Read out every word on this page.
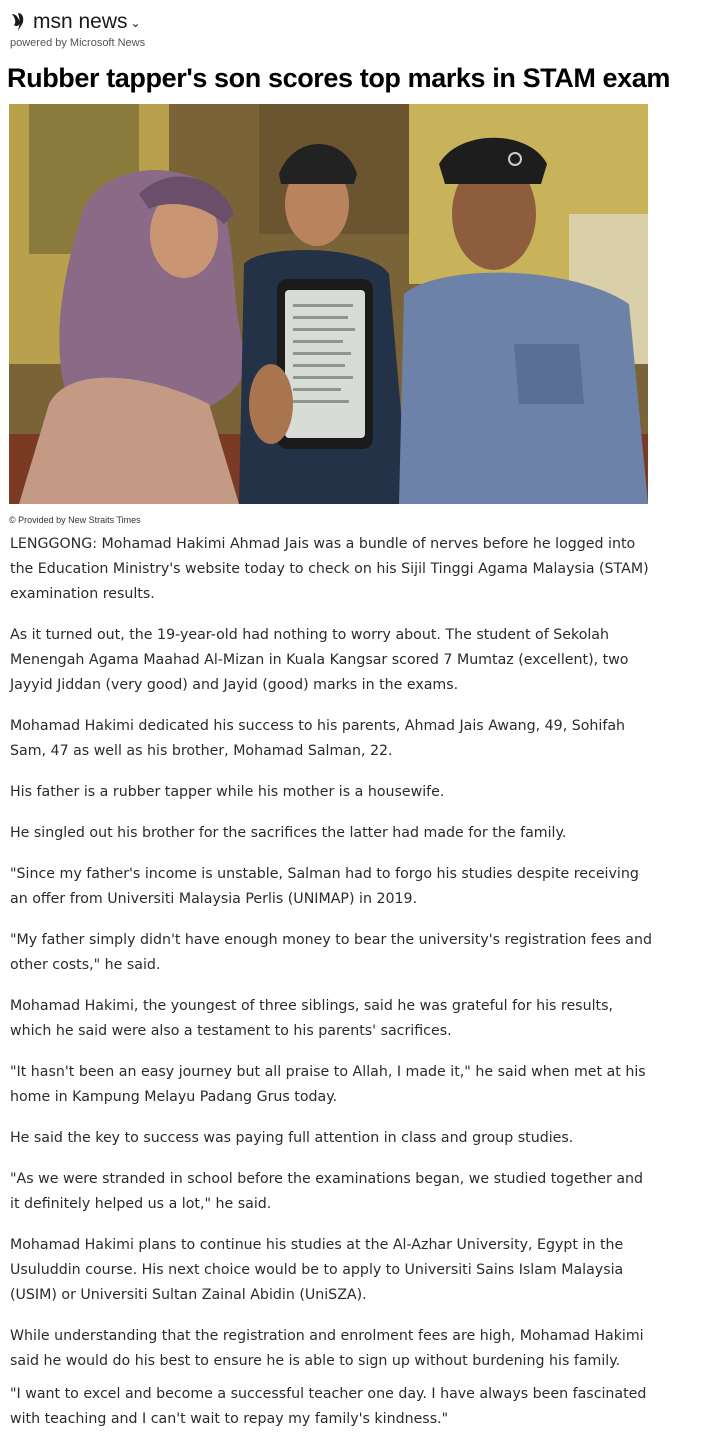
msn news ⌄
powered by Microsoft News
Rubber tapper's son scores top marks in STAM exam
© Provided by New Straits Times

LENGGONG: Mohamad Hakimi Ahmad Jais was a bundle of nerves before he logged into the Education Ministry's website today to check on his Sijil Tinggi Agama Malaysia (STAM) examination results.

As it turned out, the 19-year-old had nothing to worry about. The student of Sekolah Menengah Agama Maahad Al-Mizan in Kuala Kangsar scored 7 Mumtaz (excellent), two Jayyid Jiddan (very good) and Jayid (good) marks in the exams.

Mohamad Hakimi dedicated his success to his parents, Ahmad Jais Awang, 49, Sohifah Sam, 47 as well as his brother, Mohamad Salman, 22.

His father is a rubber tapper while his mother is a housewife.

He singled out his brother for the sacrifices the latter had made for the family.

"Since my father's income is unstable, Salman had to forgo his studies despite receiving an offer from Universiti Malaysia Perlis (UNIMAP) in 2019.

"My father simply didn't have enough money to bear the university's registration fees and other costs," he said.

Mohamad Hakimi, the youngest of three siblings, said he was grateful for his results, which he said were also a testament to his parents' sacrifices.

"It hasn't been an easy journey but all praise to Allah, I made it," he said when met at his home in Kampung Melayu Padang Grus today.

He said the key to success was paying full attention in class and group studies.

"As we were stranded in school before the examinations began, we studied together and it definitely helped us a lot," he said.

Mohamad Hakimi plans to continue his studies at the Al-Azhar University, Egypt in the Usuluddin course. His next choice would be to apply to Universiti Sains Islam Malaysia (USIM) or Universiti Sultan Zainal Abidin (UniSZA).

While understanding that the registration and enrolment fees are high, Mohamad Hakimi said he would do his best to ensure he is able to sign up without burdening his family.

"I want to excel and become a successful teacher one day. I have always been fascinated with teaching and I can't wait to repay my family's kindness."
